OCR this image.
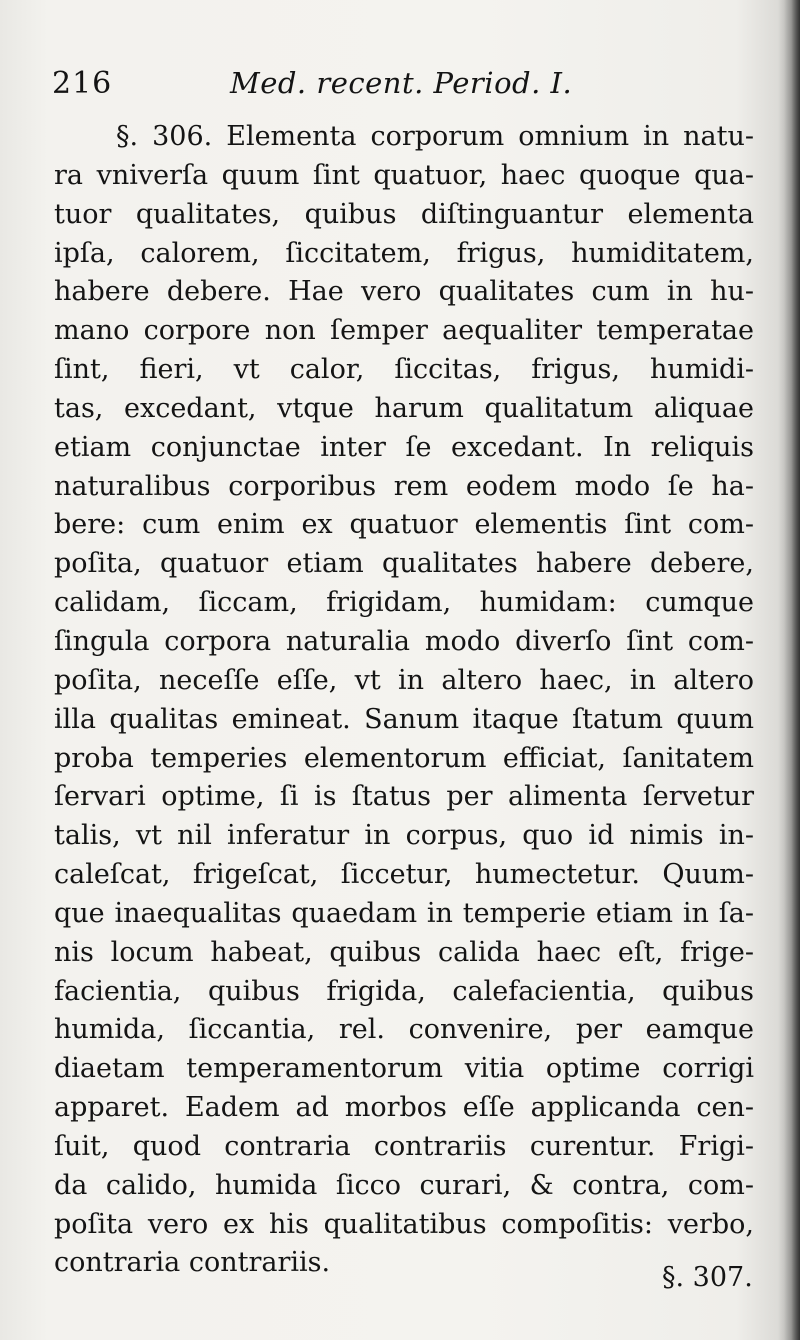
216	Med. recent. Period. I.
§. 306. Elementa corporum omnium in natu-
ra vniverſa quum ſint quatuor, haec quoque qua-
tuor qualitates, quibus diſtinguantur elementa
ipſa, calorem, ſiccitatem, frigus, humiditatem,
habere debere. Hae vero qualitates cum in hu-
mano corpore non ſemper aequaliter temperatae
ſint, fieri, vt calor, ſiccitas, frigus, humidi-
tas, excedant, vtque harum qualitatum aliquae
etiam conjunctae inter ſe excedant. In reliquis
naturalibus corporibus rem eodem modo ſe ha-
bere: cum enim ex quatuor elementis ſint com-
poſita, quatuor etiam qualitates habere debere,
calidam, ſiccam, frigidam, humidam: cumque
ſingula corpora naturalia modo diverſo ſint com-
poſita, neceſſe eſſe, vt in altero haec, in altero
illa qualitas emineat. Sanum itaque ſtatum quum
proba temperies elementorum efficiat, ſanitatem
ſervari optime, ſi is ſtatus per alimenta ſervetur
talis, vt nil inferatur in corpus, quo id nimis in-
caleſcat, frigeſcat, ſiccetur, humectetur. Quum-
que inaequalitas quaedam in temperie etiam in ſa-
nis locum habeat, quibus calida haec eſt, frige-
facientia, quibus frigida, calefacientia, quibus
humida, ſiccantia, rel. convenire, per eamque
diaetam temperamentorum vitia optime corrigi
apparet. Eadem ad morbos eſſe applicanda cen-
ſuit, quod contraria contrariis curentur. Frigi-
da calido, humida ſicco curari, & contra, com-
poſita vero ex his qualitatibus compoſitis: verbo,
contraria contrariis.	§. 307.
